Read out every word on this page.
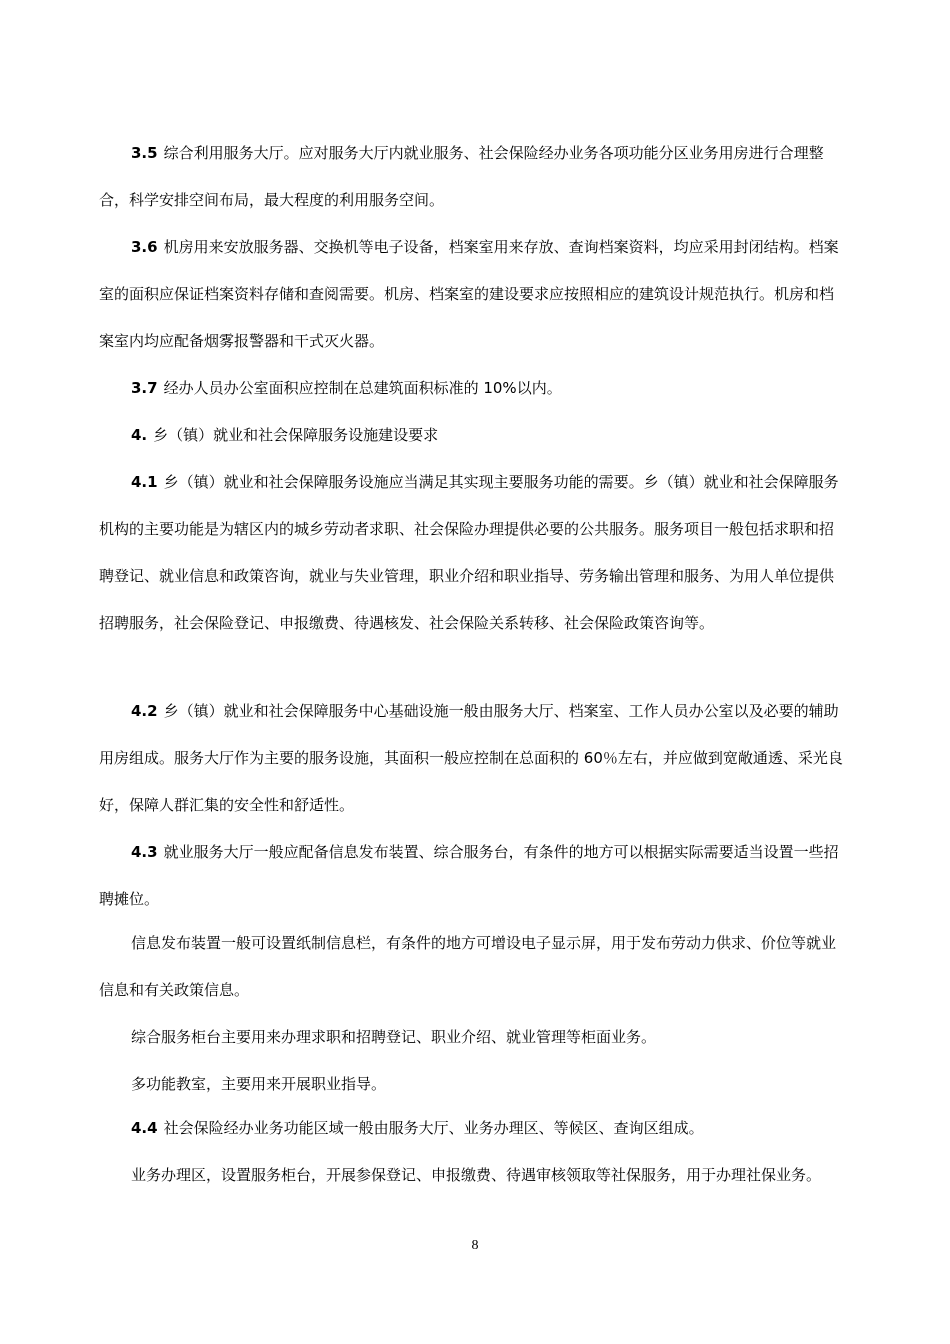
3.5 综合利用服务大厅。应对服务大厅内就业服务、社会保险经办业务各项功能分区业务用房进行合理整合，科学安排空间布局，最大程度的利用服务空间。

3.6 机房用来安放服务器、交换机等电子设备，档案室用来存放、查询档案资料，均应采用封闭结构。档案室的面积应保证档案资料存储和查阅需要。机房、档案室的建设要求应按照相应的建筑设计规范执行。机房和档案室内均应配备烟雾报警器和干式灭火器。

3.7 经办人员办公室面积应控制在总建筑面积标准的 10%以内。

4. 乡（镇）就业和社会保障服务设施建设要求

4.1 乡（镇）就业和社会保障服务设施应当满足其实现主要服务功能的需要。乡（镇）就业和社会保障服务机构的主要功能是为辖区内的城乡劳动者求职、社会保险办理提供必要的公共服务。服务项目一般包括求职和招聘登记、就业信息和政策咨询，就业与失业管理，职业介绍和职业指导、劳务输出管理和服务、为用人单位提供招聘服务，社会保险登记、申报缴费、待遇核发、社会保险关系转移、社会保险政策咨询等。

4.2 乡（镇）就业和社会保障服务中心基础设施一般由服务大厅、档案室、工作人员办公室以及必要的辅助用房组成。服务大厅作为主要的服务设施，其面积一般应控制在总面积的 60％左右，并应做到宽敞通透、采光良好，保障人群汇集的安全性和舒适性。

4.3 就业服务大厅一般应配备信息发布装置、综合服务台，有条件的地方可以根据实际需要适当设置一些招聘摊位。

信息发布装置一般可设置纸制信息栏，有条件的地方可增设电子显示屏，用于发布劳动力供求、价位等就业信息和有关政策信息。

综合服务柜台主要用来办理求职和招聘登记、职业介绍、就业管理等柜面业务。

多功能教室，主要用来开展职业指导。

4.4 社会保险经办业务功能区域一般由服务大厅、业务办理区、等候区、查询区组成。

业务办理区，设置服务柜台，开展参保登记、申报缴费、待遇审核领取等社保服务，用于办理社保业务。

8
